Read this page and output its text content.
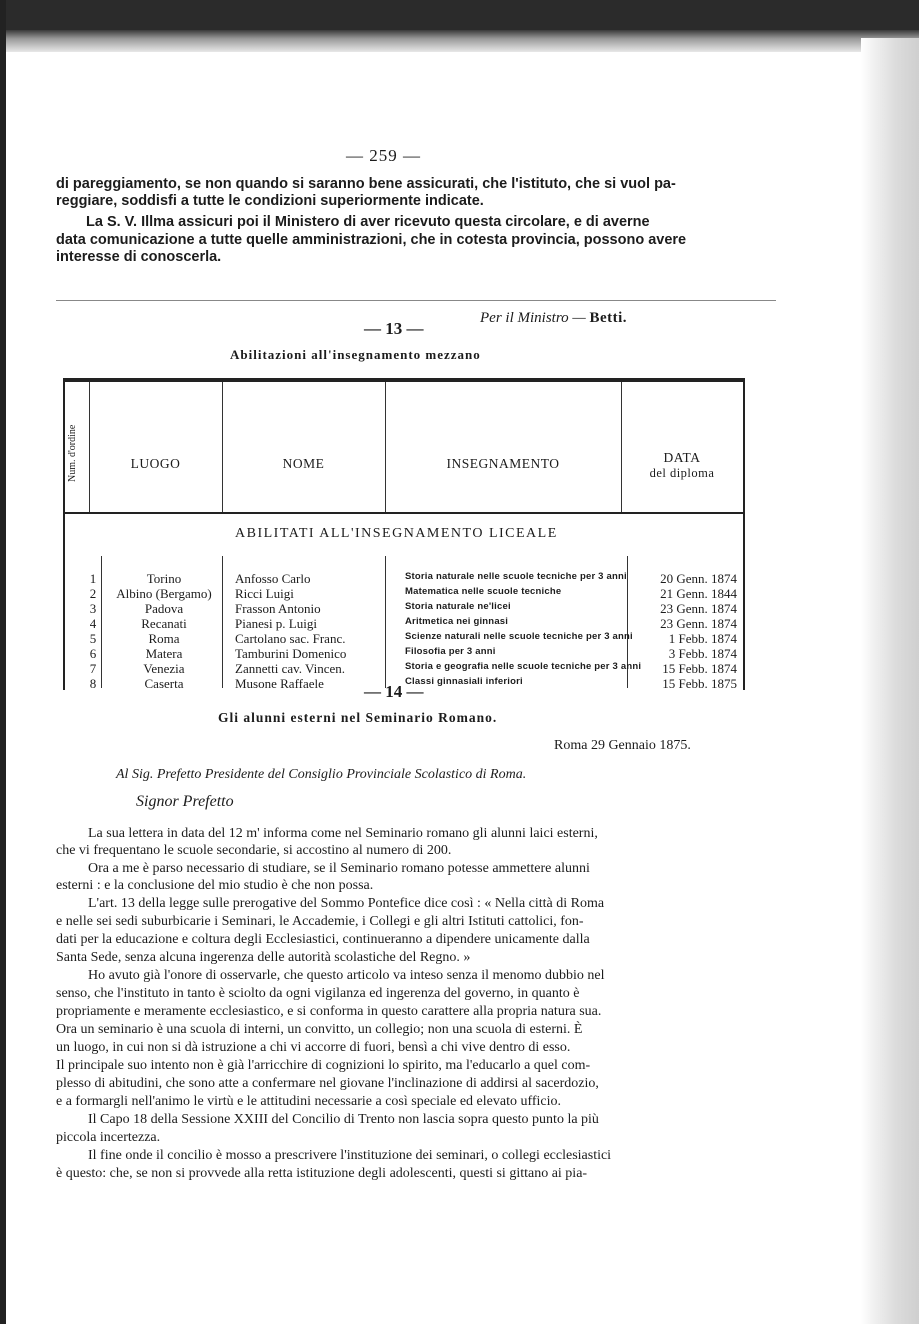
— 259 —

di pareggiamento, se non quando si saranno bene assicurati, che l'istituto, che si vuol pa-

reggiare, soddisfi a tutte le condizioni superiormente indicate.

La S. V. Illma assicuri poi il Ministero di aver ricevuto questa circolare, e di averne

data comunicazione a tutte quelle amministrazioni, che in cotesta provincia, possono avere

interesse di conoscerla.

Per il Ministro — Betti.
— 13 —
Abilitazioni all'insegnamento mezzano
Num. d'ordine	LUOGO	NOME	INSEGNAMENTO	DATA
del diploma
ABILITATI ALL'INSEGNAMENTO LICEALE
1	Torino	Anfosso Carlo	Storia naturale nelle scuole tecniche per 3 anni	20 Genn. 1874
2	Albino (Bergamo)	Ricci Luigi	Matematica nelle scuole tecniche	21 Genn. 1844
3	Padova	Frasson Antonio	Storia naturale ne'licei	23 Genn. 1874
4	Recanati	Pianesi p. Luigi	Aritmetica nei ginnasi	23 Genn. 1874
5	Roma	Cartolano sac. Franc.	Scienze naturali nelle scuole tecniche per 3 anni	1 Febb. 1874
6	Matera	Tamburini Domenico	Filosofia per 3 anni	3 Febb. 1874
7	Venezia	Zannetti cav. Vincen.	Storia e geografia nelle scuole tecniche per 3 anni	15 Febb. 1874
8	Caserta	Musone Raffaele	Classi ginnasiali inferiori	15 Febb. 1875
— 14 —
Gli alunni esterni nel Seminario Romano.
Roma 29 Gennaio 1875.
Al Sig. Prefetto Presidente del Consiglio Provinciale Scolastico di Roma.
Signor Prefetto
La sua lettera in data del 12 m' informa come nel Seminario romano gli alunni laici esterni,
che vi frequentano le scuole secondarie, si accostino al numero di 200.
Ora a me è parso necessario di studiare, se il Seminario romano potesse ammettere alunni
esterni : e la conclusione del mio studio è che non possa.
L'art. 13 della legge sulle prerogative del Sommo Pontefice dice così : « Nella città di Roma
e nelle sei sedi suburbicarie i Seminari, le Accademie, i Collegi e gli altri Istituti cattolici, fon-
dati per la educazione e coltura degli Ecclesiastici, continueranno a dipendere unicamente dalla
Santa Sede, senza alcuna ingerenza delle autorità scolastiche del Regno. »
Ho avuto già l'onore di osservarle, che questo articolo va inteso senza il menomo dubbio nel
senso, che l'instituto in tanto è sciolto da ogni vigilanza ed ingerenza del governo, in quanto è
propriamente e meramente ecclesiastico, e si conforma in questo carattere alla propria natura sua.
Ora un seminario è una scuola di interni, un convitto, un collegio; non una scuola di esterni. È
un luogo, in cui non si dà istruzione a chi vi accorre di fuori, bensì a chi vive dentro di esso.
Il principale suo intento non è già l'arricchire di cognizioni lo spirito, ma l'educarlo a quel com-
plesso di abitudini, che sono atte a confermare nel giovane l'inclinazione di addirsi al sacerdozio,
e a formargli nell'animo le virtù e le attitudini necessarie a così speciale ed elevato ufficio.
Il Capo 18 della Sessione XXIII del Concilio di Trento non lascia sopra questo punto la più
piccola incertezza.
Il fine onde il concilio è mosso a prescrivere l'instituzione dei seminari, o collegi ecclesiastici
è questo: che, se non si provvede alla retta istituzione degli adolescenti, questi si gittano ai pia-
